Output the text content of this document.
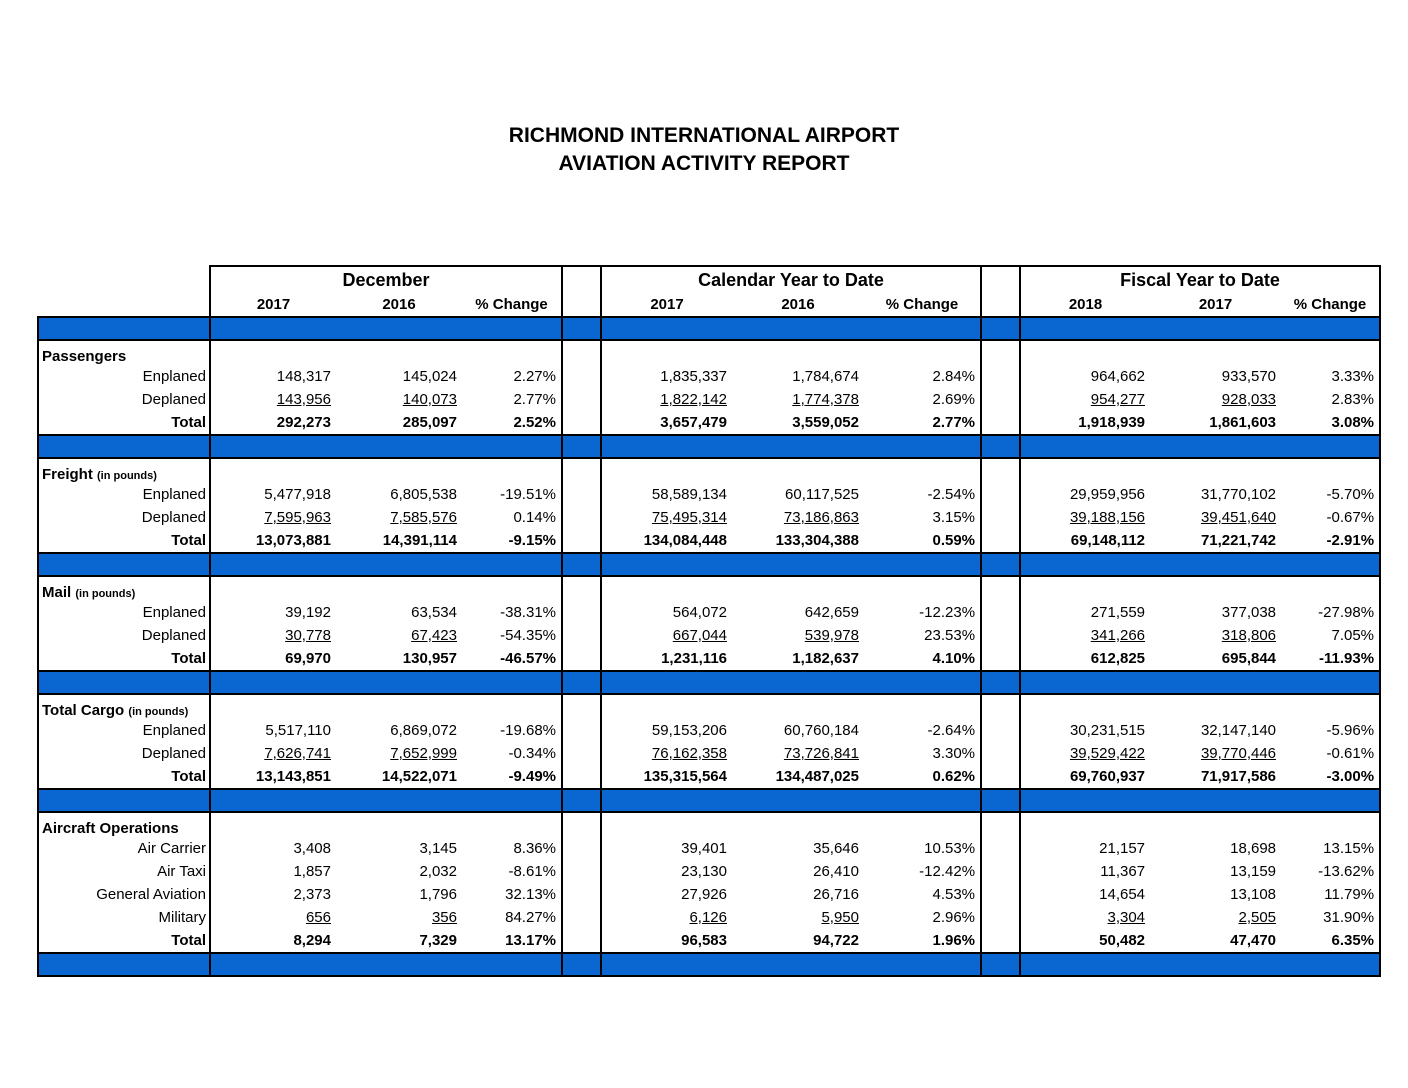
RICHMOND INTERNATIONAL AIRPORT
AVIATION ACTIVITY REPORT
	December				Calendar Year to Date				Fiscal Year to Date		
	2017	2016	% Change		2017	2016	% Change		2018	2017	% Change

Passengers											
Enplaned	148,317	145,024	2.27%		1,835,337	1,784,674	2.84%		964,662	933,570	3.33%
Deplaned	143,956	140,073	2.77%		1,822,142	1,774,378	2.69%		954,277	928,033	2.83%
Total	292,273	285,097	2.52%		3,657,479	3,559,052	2.77%		1,918,939	1,861,603	3.08%

Freight (in pounds)											
Enplaned	5,477,918	6,805,538	-19.51%		58,589,134	60,117,525	-2.54%		29,959,956	31,770,102	-5.70%
Deplaned	7,595,963	7,585,576	0.14%		75,495,314	73,186,863	3.15%		39,188,156	39,451,640	-0.67%
Total	13,073,881	14,391,114	-9.15%		134,084,448	133,304,388	0.59%		69,148,112	71,221,742	-2.91%

Mail (in pounds)											
Enplaned	39,192	63,534	-38.31%		564,072	642,659	-12.23%		271,559	377,038	-27.98%
Deplaned	30,778	67,423	-54.35%		667,044	539,978	23.53%		341,266	318,806	7.05%
Total	69,970	130,957	-46.57%		1,231,116	1,182,637	4.10%		612,825	695,844	-11.93%

Total Cargo (in pounds)											
Enplaned	5,517,110	6,869,072	-19.68%		59,153,206	60,760,184	-2.64%		30,231,515	32,147,140	-5.96%
Deplaned	7,626,741	7,652,999	-0.34%		76,162,358	73,726,841	3.30%		39,529,422	39,770,446	-0.61%
Total	13,143,851	14,522,071	-9.49%		135,315,564	134,487,025	0.62%		69,760,937	71,917,586	-3.00%

Aircraft Operations											
Air Carrier	3,408	3,145	8.36%		39,401	35,646	10.53%		21,157	18,698	13.15%
Air Taxi	1,857	2,032	-8.61%		23,130	26,410	-12.42%		11,367	13,159	-13.62%
General Aviation	2,373	1,796	32.13%		27,926	26,716	4.53%		14,654	13,108	11.79%
Military	656	356	84.27%		6,126	5,950	2.96%		3,304	2,505	31.90%
Total	8,294	7,329	13.17%		96,583	94,722	1.96%		50,482	47,470	6.35%
